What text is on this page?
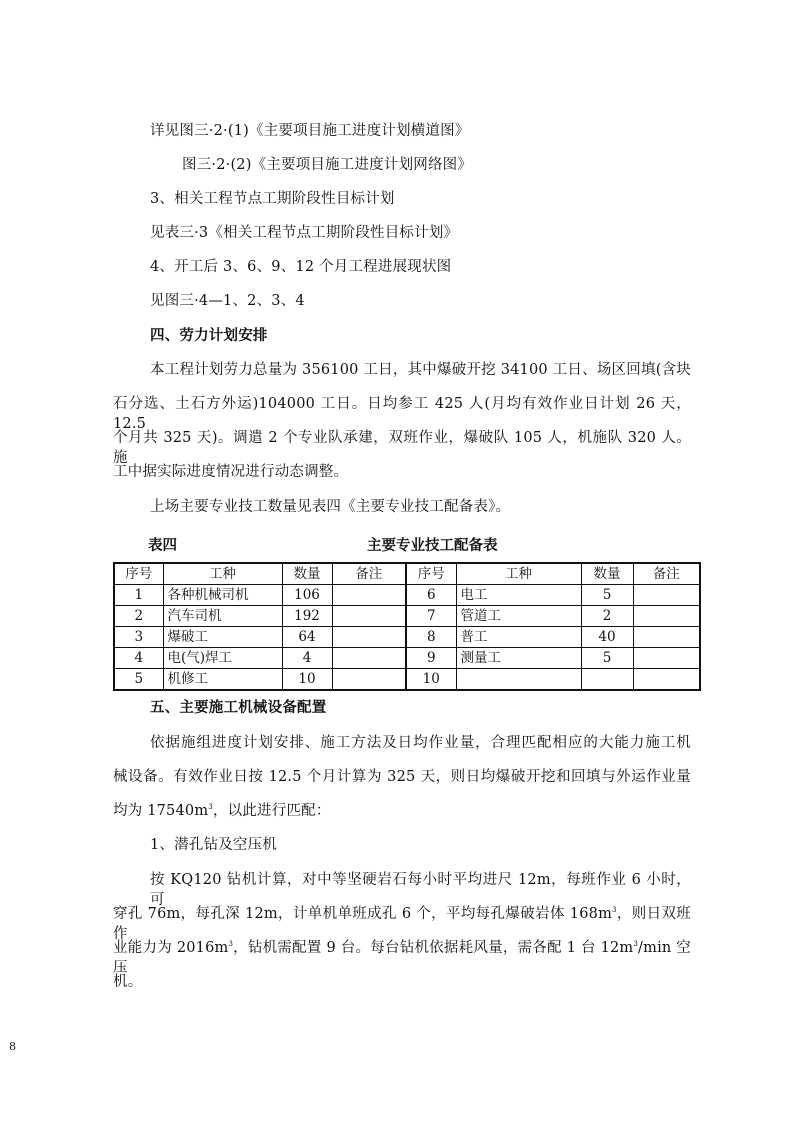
详见图三·2·(1)《主要项目施工进度计划横道图》
图三·2·(2)《主要项目施工进度计划网络图》
3、相关工程节点工期阶段性目标计划
见表三·3《相关工程节点工期阶段性目标计划》
4、开工后 3、6、9、12 个月工程进展现状图
见图三·4—1、2、3、4
四、劳力计划安排
本工程计划劳力总量为 356100 工日，其中爆破开挖 34100 工日、场区回填(含块
石分选、土石方外运)104000 工日。日均参工 425 人(月均有效作业日计划 26 天，12.5
个月共 325 天)。调遣 2 个专业队承建，双班作业，爆破队 105 人，机施队 320 人。施
工中据实际进度情况进行动态调整。
上场主要专业技工数量见表四《主要专业技工配备表》。
表四	主要专业技工配备表
序号	工种	数量	备注	序号	工种	数量	备注
1	各种机械司机	106		6	电工	5	
2	汽车司机	192		7	管道工	2	
3	爆破工	64		8	普工	40	
4	电(气)焊工	4		9	测量工	5	
5	机修工	10		10			
五、主要施工机械设备配置
依据施组进度计划安排、施工方法及日均作业量，合理匹配相应的大能力施工机
械设备。有效作业日按 12.5 个月计算为 325 天，则日均爆破开挖和回填与外运作业量
均为 $17540m^3$，以此进行匹配：
1、潜孔钻及空压机
按 KQ120 钻机计算，对中等坚硬岩石每小时平均进尺 12m，每班作业 6 小时，可
穿孔 76m，每孔深 12m，计单机单班成孔 6 个，平均每孔爆破岩体 $168m^3$，则日双班作
业能力为 $2016m^3$，钻机需配置 9 台。每台钻机依据耗风量，需各配 1 台 $12m^3/\min$ 空压
机。
8
